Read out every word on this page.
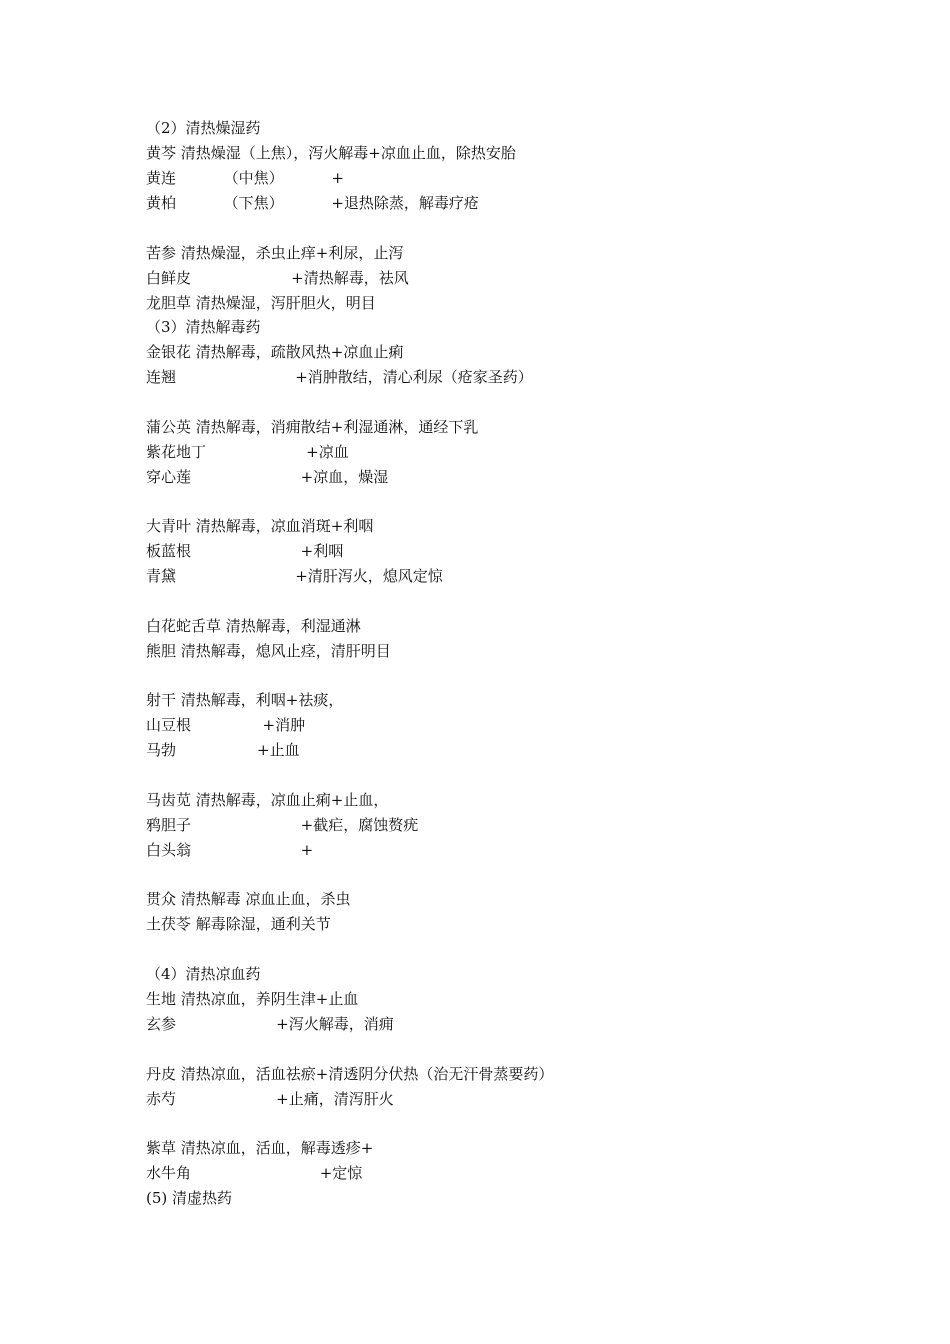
（2）清热燥湿药
黄芩 清热燥湿（上焦），泻火解毒+凉血止血，除热安胎
黄连          （中焦）          +
黄柏          （下焦）          +退热除蒸，解毒疗疮
苦参 清热燥湿，杀虫止痒+利尿，止泻
白鲜皮                     +清热解毒，祛风
龙胆草 清热燥湿，泻肝胆火，明目
（3）清热解毒药
金银花 清热解毒，疏散风热+凉血止痢
连翘                         +消肿散结，清心利尿（疮家圣药）
蒲公英 清热解毒，消痈散结+利湿通淋，通经下乳
紫花地丁                     +凉血
穿心莲                       +凉血，燥湿
大青叶 清热解毒，凉血消斑+利咽
板蓝根                       +利咽
青黛                         +清肝泻火，熄风定惊
白花蛇舌草 清热解毒，利湿通淋
熊胆 清热解毒，熄风止痉，清肝明目
射干 清热解毒，利咽+祛痰，
山豆根               +消肿
马勃                 +止血
马齿苋 清热解毒，凉血止痢+止血，
鸦胆子                       +截疟，腐蚀赘疣
白头翁                       +
贯众 清热解毒 凉血止血，杀虫
土茯苓 解毒除湿，通利关节
（4）清热凉血药
生地 清热凉血，养阴生津+止血
玄参                     +泻火解毒，消痈
丹皮 清热凉血，活血祛瘀+清透阴分伏热（治无汗骨蒸要药）
赤芍                     +止痛，清泻肝火
紫草 清热凉血，活血，解毒透疹+
水牛角                           +定惊
(5) 清虚热药
